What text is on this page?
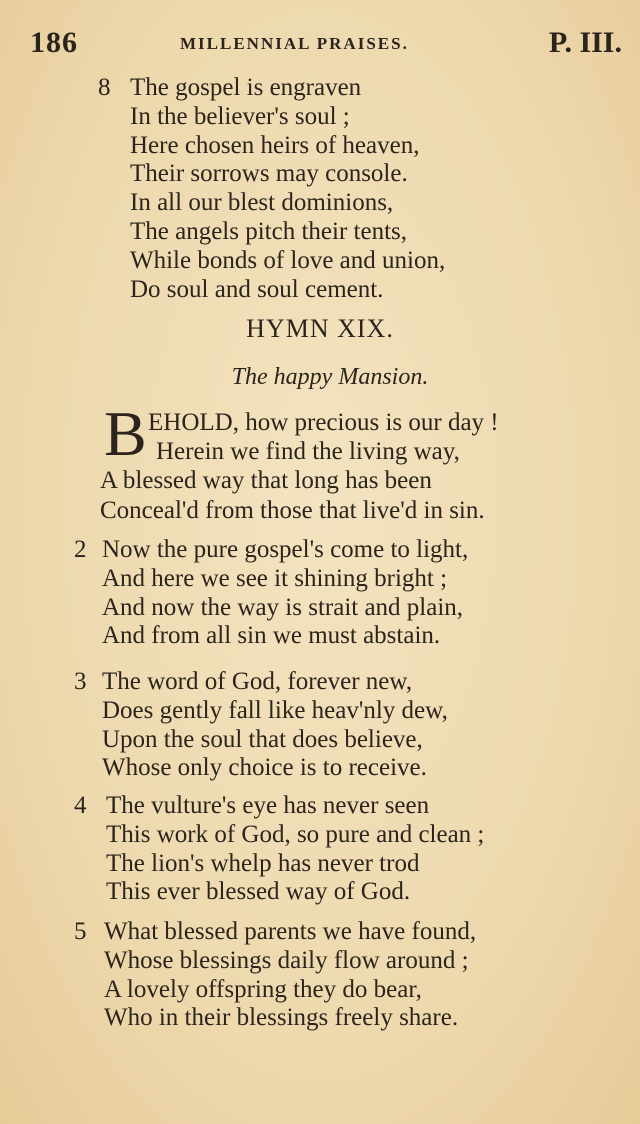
186	MILLENNIAL PRAISES.	P. III.
8 The gospel is engraven
In the believer's soul ;
Here chosen heirs of heaven,
Their sorrows may console.
In all our blest dominions,
The angels pitch their tents,
While bonds of love and union,
Do soul and soul cement.
HYMN XIX.
The happy Mansion.
B EHOLD, how precious is our day !
Herein we find the living way,
A blessed way that long has been
Conceal'd from those that live'd in sin.
2 Now the pure gospel's come to light,
And here we see it shining bright ;
And now the way is strait and plain,
And from all sin we must abstain.
3 The word of God, forever new,
Does gently fall like heav'nly dew,
Upon the soul that does believe,
Whose only choice is to receive.
4 The vulture's eye has never seen
This work of God, so pure and clean ;
The lion's whelp has never trod
This ever blessed way of God.
5 What blessed parents we have found,
Whose blessings daily flow around ;
A lovely offspring they do bear,
Who in their blessings freely share.
